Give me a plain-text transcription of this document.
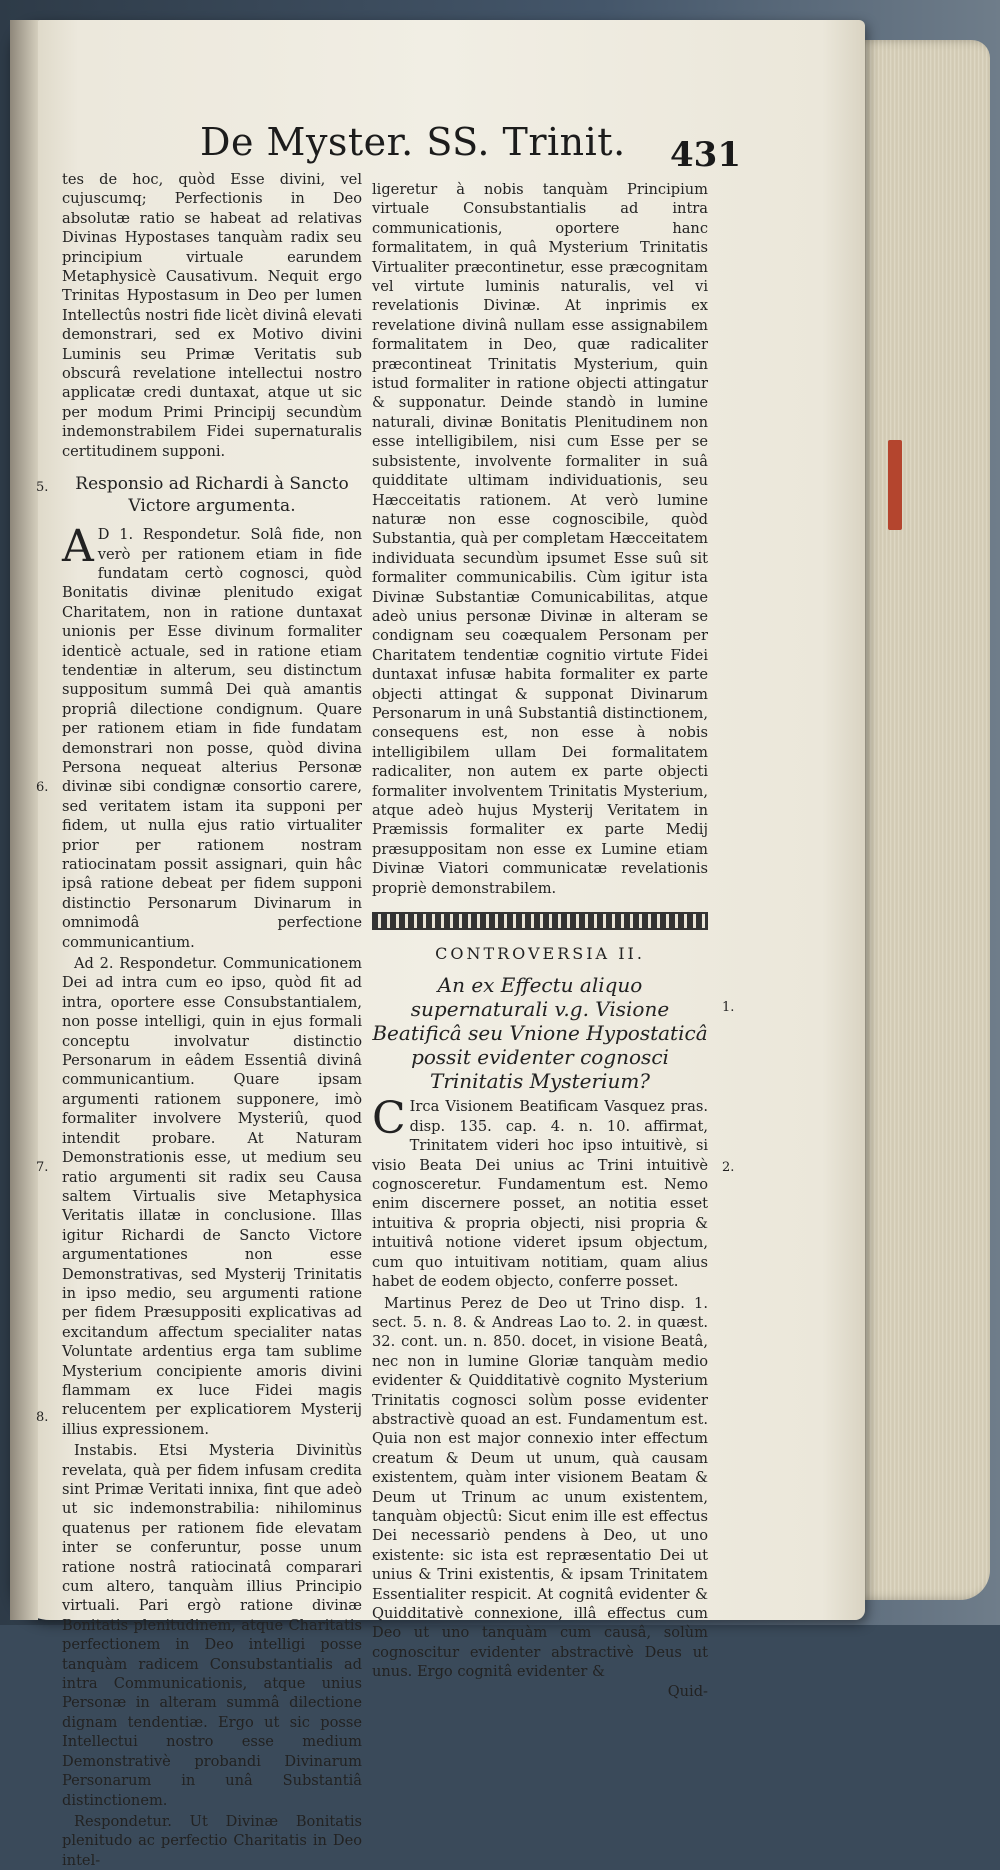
De Myster. SS. Trinit.	431

tes de hoc, quòd Esse divini, vel cujuscumq; Perfectionis in Deo absolutæ ratio se habeat ad relativas Divinas Hypostases tanquàm radix seu principium virtuale earundem Metaphysicè Causativum. Nequit ergo Trinitas Hypostasum in Deo per lumen Intellectûs nostri fide licèt divinâ elevati demonstrari, sed ex Motivo divini Luminis seu Primæ Veritatis sub obscurâ revelatione intellectui nostro applicatæ credi duntaxat, atque ut sic per modum Primi Principij secundùm indemonstrabilem Fidei supernaturalis certitudinem supponi.

Responsio ad Richardi à Sancto Victore argumenta.

A D 1. Respondetur. Solâ fide, non verò per rationem etiam in fide fundatam certò cognosci, quòd Bonitatis divinæ plenitudo exigat Charitatem, non in ratione duntaxat unionis per Esse divinum formaliter identicè actuale, sed in ratione etiam tendentiæ in alterum, seu distinctum suppositum summâ Dei quà amantis propriâ dilectione condignum. Quare per rationem etiam in fide fundatam demonstrari non posse, quòd divina Persona nequeat alterius Personæ divinæ sibi condignæ consortio carere, sed veritatem istam ita supponi per fidem, ut nulla ejus ratio virtualiter prior per rationem nostram ratiocinatam possit assignari, quin hâc ipsâ ratione debeat per fidem supponi distinctio Personarum Divinarum in omnimodâ perfectione communicantium.

Ad 2. Respondetur. Communicationem Dei ad intra cum eo ipso, quòd fit ad intra, oportere esse Consubstantialem, non posse intelligi, quin in ejus formali conceptu involvatur distinctio Personarum in eâdem Essentiâ divinâ communicantium. Quare ipsam argumenti rationem supponere, imò formaliter involvere Mysteriû, quod intendit probare. At Naturam Demonstrationis esse, ut medium seu ratio argumenti sit radix seu Causa saltem Virtualis sive Metaphysica Veritatis illatæ in conclusione. Illas igitur Richardi de Sancto Victore argumentationes non esse Demonstrativas, sed Mysterij Trinitatis in ipso medio, seu argumenti ratione per fidem Præsuppositi explicativas ad excitandum affectum specialiter natas Voluntate ardentius erga tam sublime Mysterium concipiente amoris divini flammam ex luce Fidei magis relucentem per explicatiorem Mysterij illius expressionem.

Instabis. Etsi Mysteria Divinitùs revelata, quà per fidem infusam credita sint Primæ Veritati innixa, fint que adeò ut sic indemonstrabilia: nihilominus quatenus per rationem fide elevatam inter se conferuntur, posse unum ratione nostrâ ratiocinatâ comparari cum altero, tanquàm illius Principio virtuali. Pari ergò ratione divinæ Bonitatis plenitudinem, atque Charitatis perfectionem in Deo intelligi posse tanquàm radicem Consubstantialis ad intra Communicationis, atque unius Personæ in alteram summâ dilectione dignam tendentiæ. Ergo ut sic posse Intellectui nostro esse medium Demonstrativè probandi Divinarum Personarum in unâ Substantiâ distinctionem.

Respondetur. Ut Divinæ Bonitatis plenitudo ac perfectio Charitatis in Deo intel-

ligeretur à nobis tanquàm Principium virtuale Consubstantialis ad intra communicationis, oportere hanc formalitatem, in quâ Mysterium Trinitatis Virtualiter præcontinetur, esse præcognitam vel virtute luminis naturalis, vel vi revelationis Divinæ. At inprimis ex revelatione divinâ nullam esse assignabilem formalitatem in Deo, quæ radicaliter præcontineat Trinitatis Mysterium, quin istud formaliter in ratione objecti attingatur & supponatur. Deinde standò in lumine naturali, divinæ Bonitatis Plenitudinem non esse intelligibilem, nisi cum Esse per se subsistente, involvente formaliter in suâ quidditate ultimam individuationis, seu Hæcceitatis rationem. At verò lumine naturæ non esse cognoscibile, quòd Substantia, quà per completam Hæcceitatem individuata secundùm ipsumet Esse suû sit formaliter communicabilis. Cùm igitur ista Divinæ Substantiæ Comunicabilitas, atque adeò unius personæ Divinæ in alteram se condignam seu coæqualem Personam per Charitatem tendentiæ cognitio virtute Fidei duntaxat infusæ habita formaliter ex parte objecti attingat & supponat Divinarum Personarum in unâ Substantiâ distinctionem, consequens est, non esse à nobis intelligibilem ullam Dei formalitatem radicaliter, non autem ex parte objecti formaliter involventem Trinitatis Mysterium, atque adeò hujus Mysterij Veritatem in Præmissis formaliter ex parte Medij præsuppositam non esse ex Lumine etiam Divinæ Viatori communicatæ revelationis propriè demonstrabilem.

CONTROVERSIA II.
An ex Effectu aliquo supernaturali v.g. Visione Beatificâ seu Vnione Hypostaticâ possit evidenter cognosci Trinitatis Mysterium?

C Irca Visionem Beatificam Vasquez pras. disp. 135. cap. 4. n. 10. affirmat, Trinitatem videri hoc ipso intuitivè, si visio Beata Dei unius ac Trini intuitivè cognosceretur. Fundamentum est. Nemo enim discernere posset, an notitia esset intuitiva & propria objecti, nisi propria & intuitivâ notione videret ipsum objectum, cum quo intuitivam notitiam, quam alius habet de eodem objecto, conferre posset.

Martinus Perez de Deo ut Trino disp. 1. sect. 5. n. 8. & Andreas Lao to. 2. in quæst. 32. cont. un. n. 850. docet, in visione Beatâ, nec non in lumine Gloriæ tanquàm medio evidenter & Quidditativè cognito Mysterium Trinitatis cognosci solùm posse evidenter abstractivè quoad an est. Fundamentum est. Quia non est major connexio inter effectum creatum & Deum ut unum, quà causam existentem, quàm inter visionem Beatam & Deum ut Trinum ac unum existentem, tanquàm objectû: Sicut enim ille est effectus Dei necessariò pendens à Deo, ut uno existente: sic ista est repræsentatio Dei ut unius & Trini existentis, & ipsam Trinitatem Essentialiter respicit. At cognitâ evidenter & Quidditativè connexione, illâ effectus cum Deo ut uno tanquàm cum causâ, solùm cognoscitur evidenter abstractivè Deus ut unus. Ergo cognitâ evidenter &

Quid-

5.
6.
7.
8.
1.
2.
